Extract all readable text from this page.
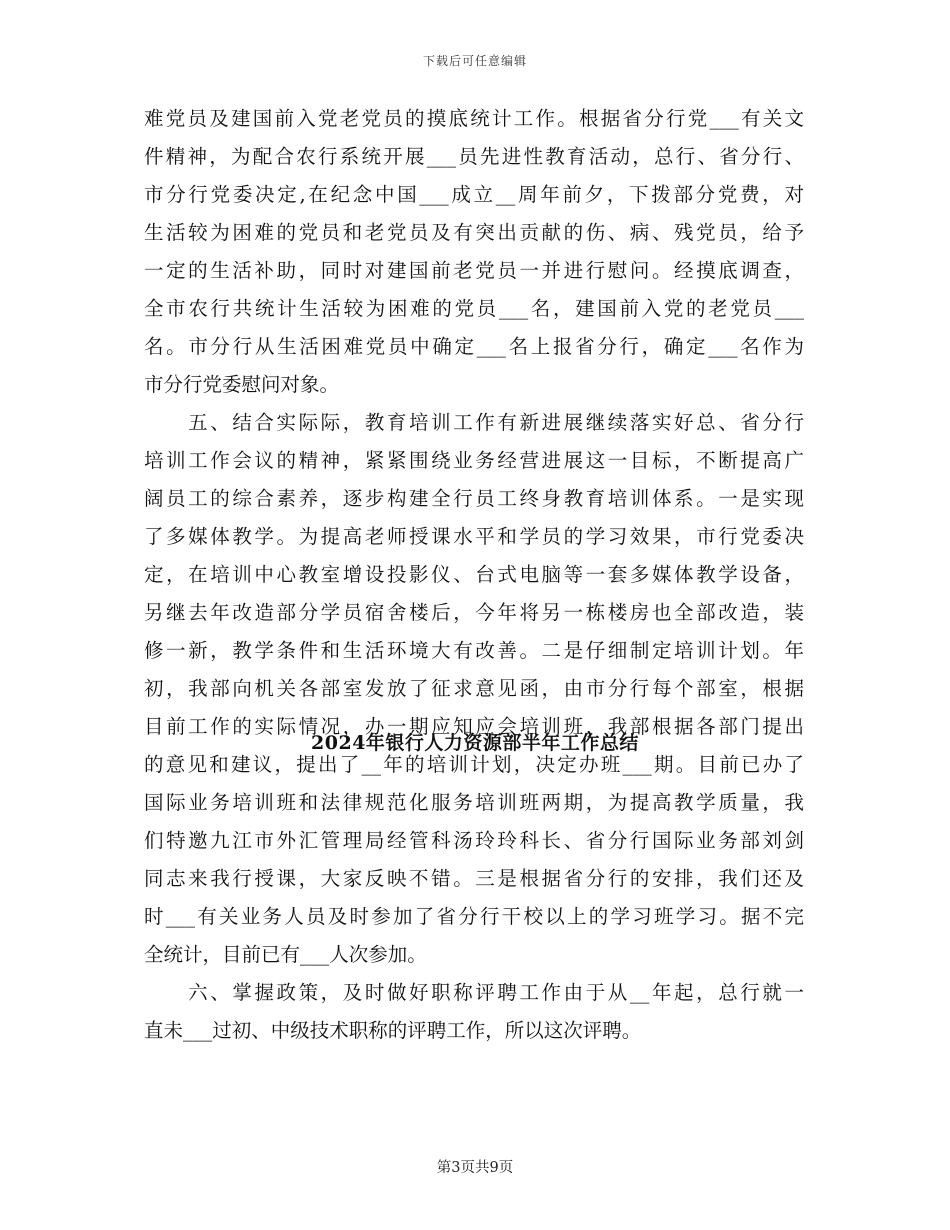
下载后可任意编辑
难党员及建国前入党老党员的摸底统计工作。根据省分行党___有关文
件精神，为配合农行系统开展___员先进性教育活动，总行、省分行、
市分行党委决定,在纪念中国___成立__周年前夕，下拨部分党费，对
生活较为困难的党员和老党员及有突出贡献的伤、病、残党员，给予
一定的生活补助，同时对建国前老党员一并进行慰问。经摸底调查，
全市农行共统计生活较为困难的党员___名，建国前入党的老党员___
名。市分行从生活困难党员中确定___名上报省分行，确定___名作为
市分行党委慰问对象。
　　五、结合实际际，教育培训工作有新进展继续落实好总、省分行
培训工作会议的精神，紧紧围绕业务经营进展这一目标，不断提高广
阔员工的综合素养，逐步构建全行员工终身教育培训体系。一是实现
了多媒体教学。为提高老师授课水平和学员的学习效果，市行党委决
定，在培训中心教室增设投影仪、台式电脑等一套多媒体教学设备，
另继去年改造部分学员宿舍楼后，今年将另一栋楼房也全部改造，装
修一新，教学条件和生活环境大有改善。二是仔细制定培训计划。年
初，我部向机关各部室发放了征求意见函，由市分行每个部室，根据
目前工作的实际情况，办一期应知应会培训班，我部根据各部门提出
的意见和建议，提出了__年的培训计划，决定办班___期。目前已办了
国际业务培训班和法律规范化服务培训班两期，为提高教学质量，我
们特邀九江市外汇管理局经管科汤玲玲科长、省分行国际业务部刘剑
同志来我行授课，大家反映不错。三是根据省分行的安排，我们还及
时___有关业务人员及时参加了省分行干校以上的学习班学习。据不完
全统计，目前已有___人次参加。
　　六、掌握政策，及时做好职称评聘工作由于从__年起，总行就一
直未___过初、中级技术职称的评聘工作，所以这次评聘。
2024年银行人力资源部半年工作总结
第3页共9页
